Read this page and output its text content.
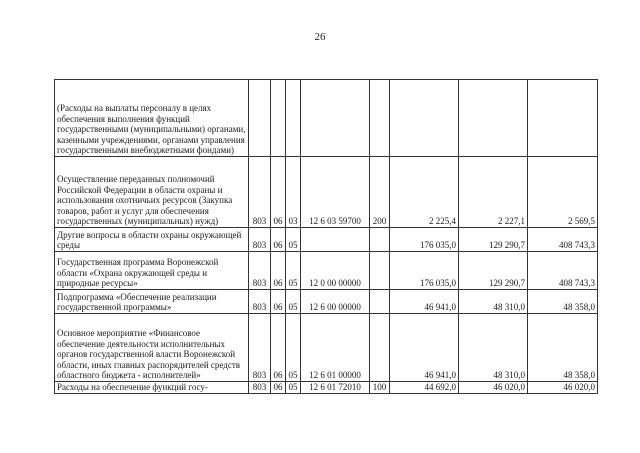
26
(Расходы на выплаты персоналу в целях обеспечения выполнения функций государственными (муниципальными) органами, казенными учреждениями, органами управления государственными внебюджетными фондами)								
Осуществление переданных полномочий Российской Федерации в области охраны и использования охотничьих ресурсов (Закупка товаров, работ и услуг для обеспечения государственных (муниципальных) нужд)	803	06	03	12 6 03 59700	200	2 225,4	2 227,1	2 569,5
Другие вопросы в области охраны окружающей среды	803	06	05			176 035,0	129 290,7	408 743,3
Государственная программа Воронежской области «Охрана окружающей среды и природные ресурсы»	803	06	05	12 0 00 00000		176 035,0	129 290,7	408 743,3
Подпрограмма «Обеспечение реализации государственной программы»	803	06	05	12 6 00 00000		46 941,0	48 310,0	48 358,0
Основное мероприятие «Финансовое обеспечение деятельности исполнительных органов государственной власти Воронежской области, иных главных распорядителей средств областного бюджета - исполнителей»	803	06	05	12 6 01 00000		46 941,0	48 310,0	48 358,0
Расходы на обеспечение функций госу-	803	06	05	12 6 01 72010	100	44 692,0	46 020,0	46 020,0
